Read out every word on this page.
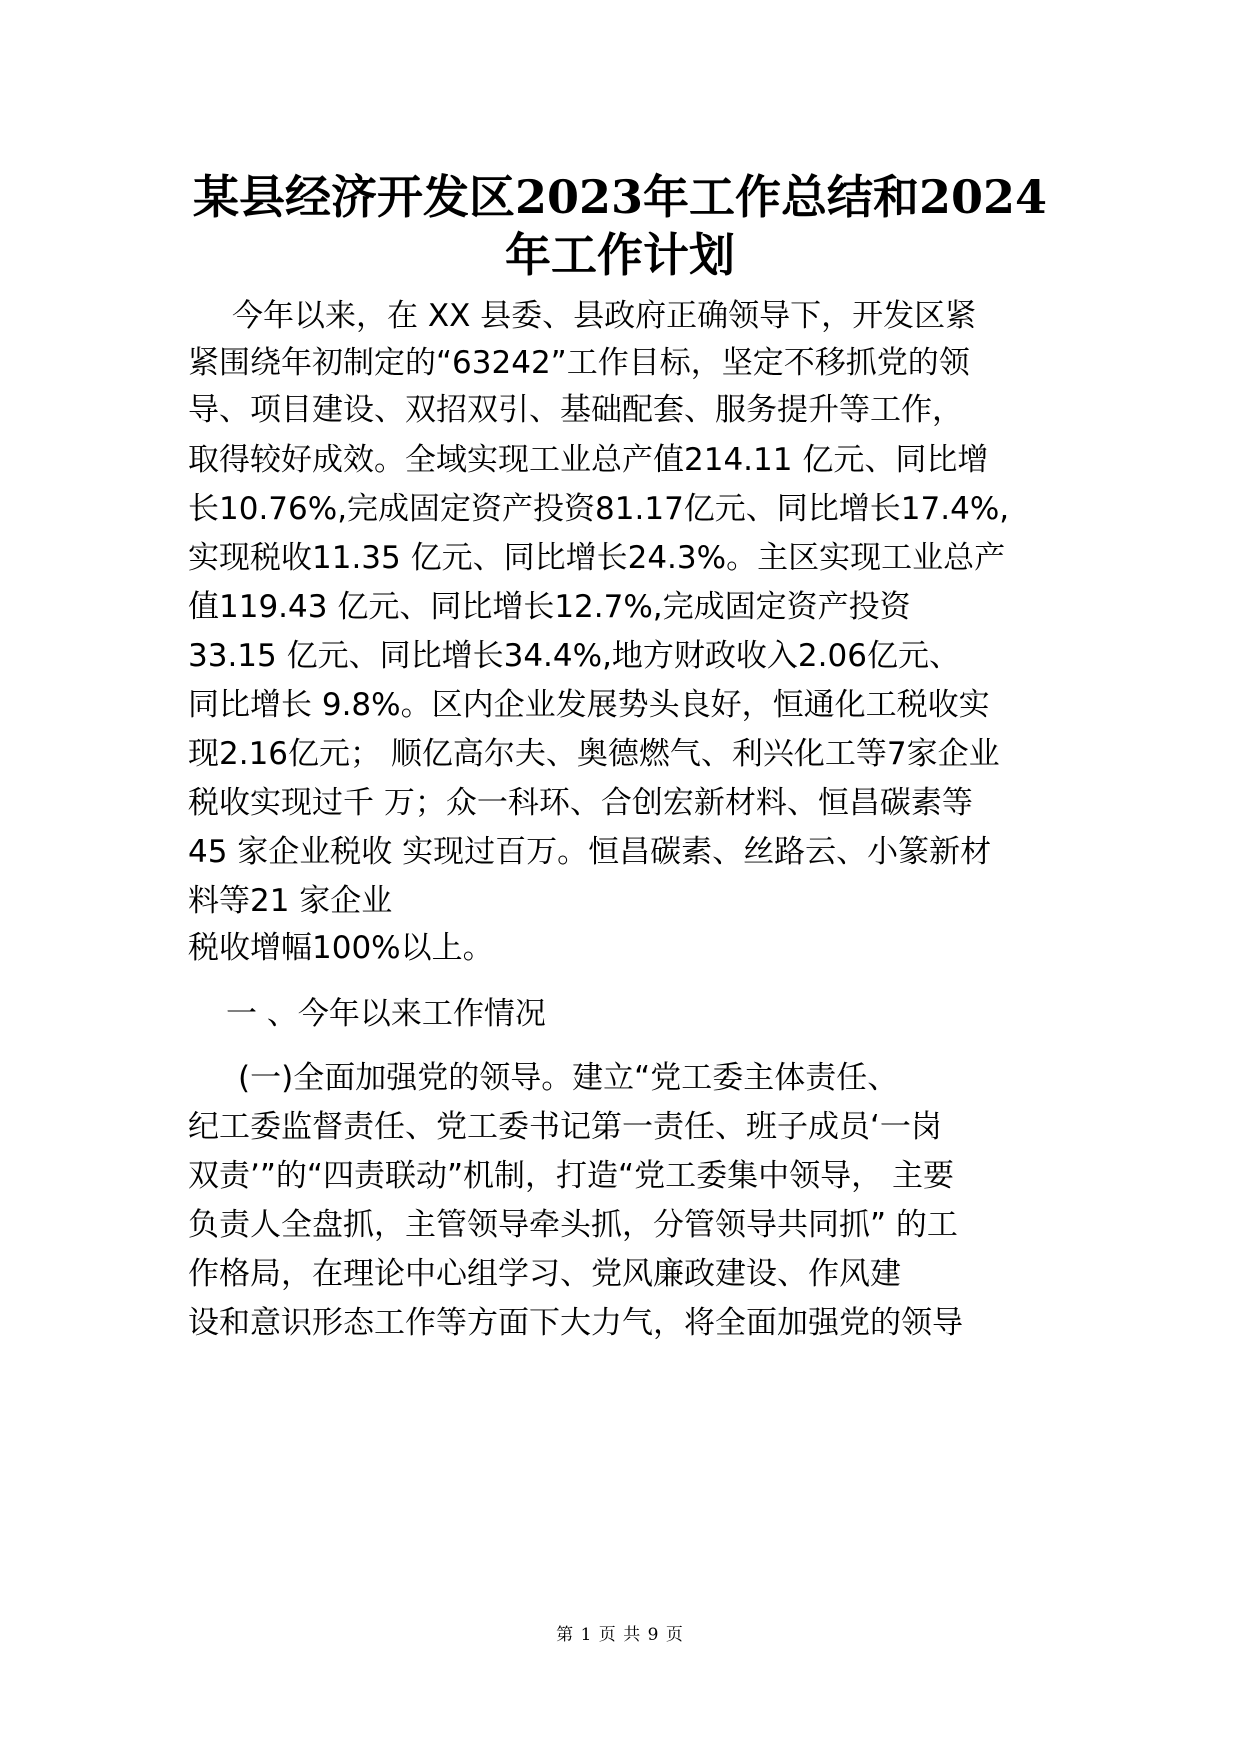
某县经济开发区2023年工作总结和2024
年工作计划
今年以来，在 XX 县委、县政府正确领导下，开发区紧
紧围绕年初制定的“63242”工作目标，坚定不移抓党的领
导、项目建设、双招双引、基础配套、服务提升等工作，
取得较好成效。全域实现工业总产值214.11 亿元、同比增
长10.76%,完成固定资产投资81.17亿元、同比增长17.4%,
实现税收11.35 亿元、同比增长24.3%。主区实现工业总产
值119.43 亿元、同比增长12.7%,完成固定资产投资
33.15 亿元、同比增长34.4%,地方财政收入2.06亿元、
同比增长 9.8%。区内企业发展势头良好，恒通化工税收实
现2.16亿元； 顺亿高尔夫、奥德燃气、利兴化工等7家企业
税收实现过千 万；众一科环、合创宏新材料、恒昌碳素等
45 家企业税收 实现过百万。恒昌碳素、丝路云、小篆新材
料等21 家企业
税收增幅100%以上。
一 、今年以来工作情况
(一)全面加强党的领导。建立“党工委主体责任、
纪工委监督责任、党工委书记第一责任、班子成员‘一岗
双责’”的“四责联动”机制，打造“党工委集中领导， 主要
负责人全盘抓，主管领导牵头抓，分管领导共同抓” 的工
作格局，在理论中心组学习、党风廉政建设、作风建
设和意识形态工作等方面下大力气，将全面加强党的领导
第 1 页 共 9 页
